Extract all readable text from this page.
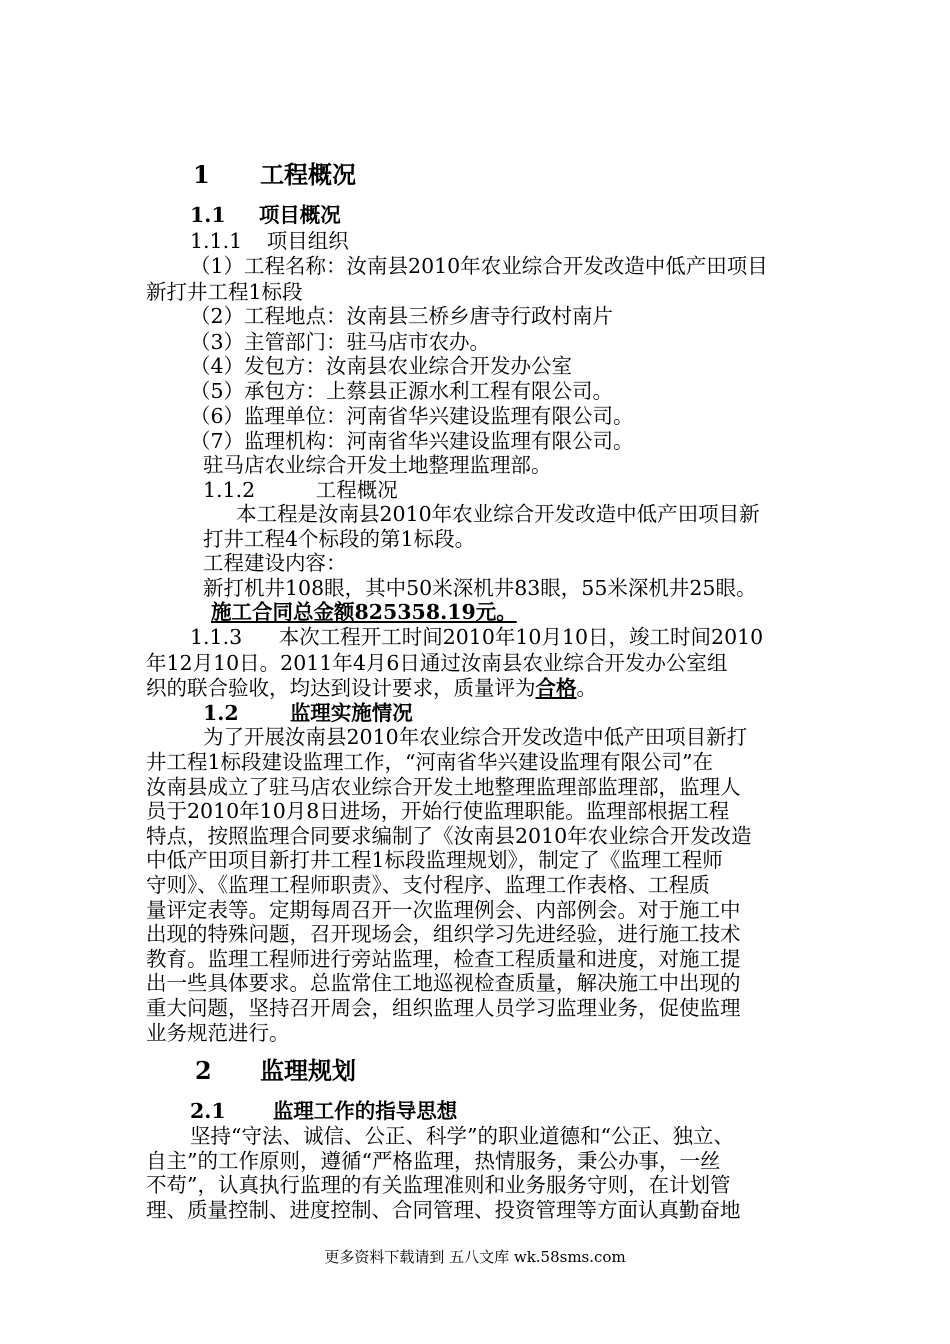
1 工程概况
1.1 项目概况
1.1.1 项目组织
（1）工程名称：汝南县2010年农业综合开发改造中低产田项目
新打井工程1标段
（2）工程地点：汝南县三桥乡唐寺行政村南片
（3）主管部门：驻马店市农办。
（4）发包方：汝南县农业综合开发办公室
（5）承包方：上蔡县正源水利工程有限公司。
（6）监理单位：河南省华兴建设监理有限公司。
（7）监理机构：河南省华兴建设监理有限公司。
驻马店农业综合开发土地整理监理部。
1.1.2	工程概况
本工程是汝南县2010年农业综合开发改造中低产田项目新
打井工程4个标段的第1标段。
工程建设内容：
新打机井108眼，其中50米深机井83眼，55米深机井25眼。
施工合同总金额825358.19元。
1.1.3 本次工程开工时间2010年10月10日，竣工时间2010
年12月10日。2011年4月6日通过汝南县农业综合开发办公室组
织的联合验收，均达到设计要求，质量评为合格。
1.2 监理实施情况
为了开展汝南县2010年农业综合开发改造中低产田项目新打
井工程1标段建设监理工作，“河南省华兴建设监理有限公司”在
汝南县成立了驻马店农业综合开发土地整理监理部监理部，监理人
员于2010年10月8日进场，开始行使监理职能。监理部根据工程
特点，按照监理合同要求编制了《汝南县2010年农业综合开发改造
中低产田项目新打井工程1标段监理规划》，制定了《监理工程师
守则》、《监理工程师职责》、支付程序、监理工作表格、工程质
量评定表等。定期每周召开一次监理例会、内部例会。对于施工中
出现的特殊问题，召开现场会，组织学习先进经验，进行施工技术
教育。监理工程师进行旁站监理，检查工程质量和进度，对施工提
出一些具体要求。总监常住工地巡视检查质量，解决施工中出现的
重大问题，坚持召开周会，组织监理人员学习监理业务，促使监理
业务规范进行。
2 监理规划
2.1 监理工作的指导思想
坚持“守法、诚信、公正、科学”的职业道德和“公正、独立、
自主”的工作原则，遵循“严格监理，热情服务，秉公办事，一丝
不苟”，认真执行监理的有关监理准则和业务服务守则，在计划管
理、质量控制、进度控制、合同管理、投资管理等方面认真勤奋地
更多资料下载请到 五八文库 wk.58sms.com
